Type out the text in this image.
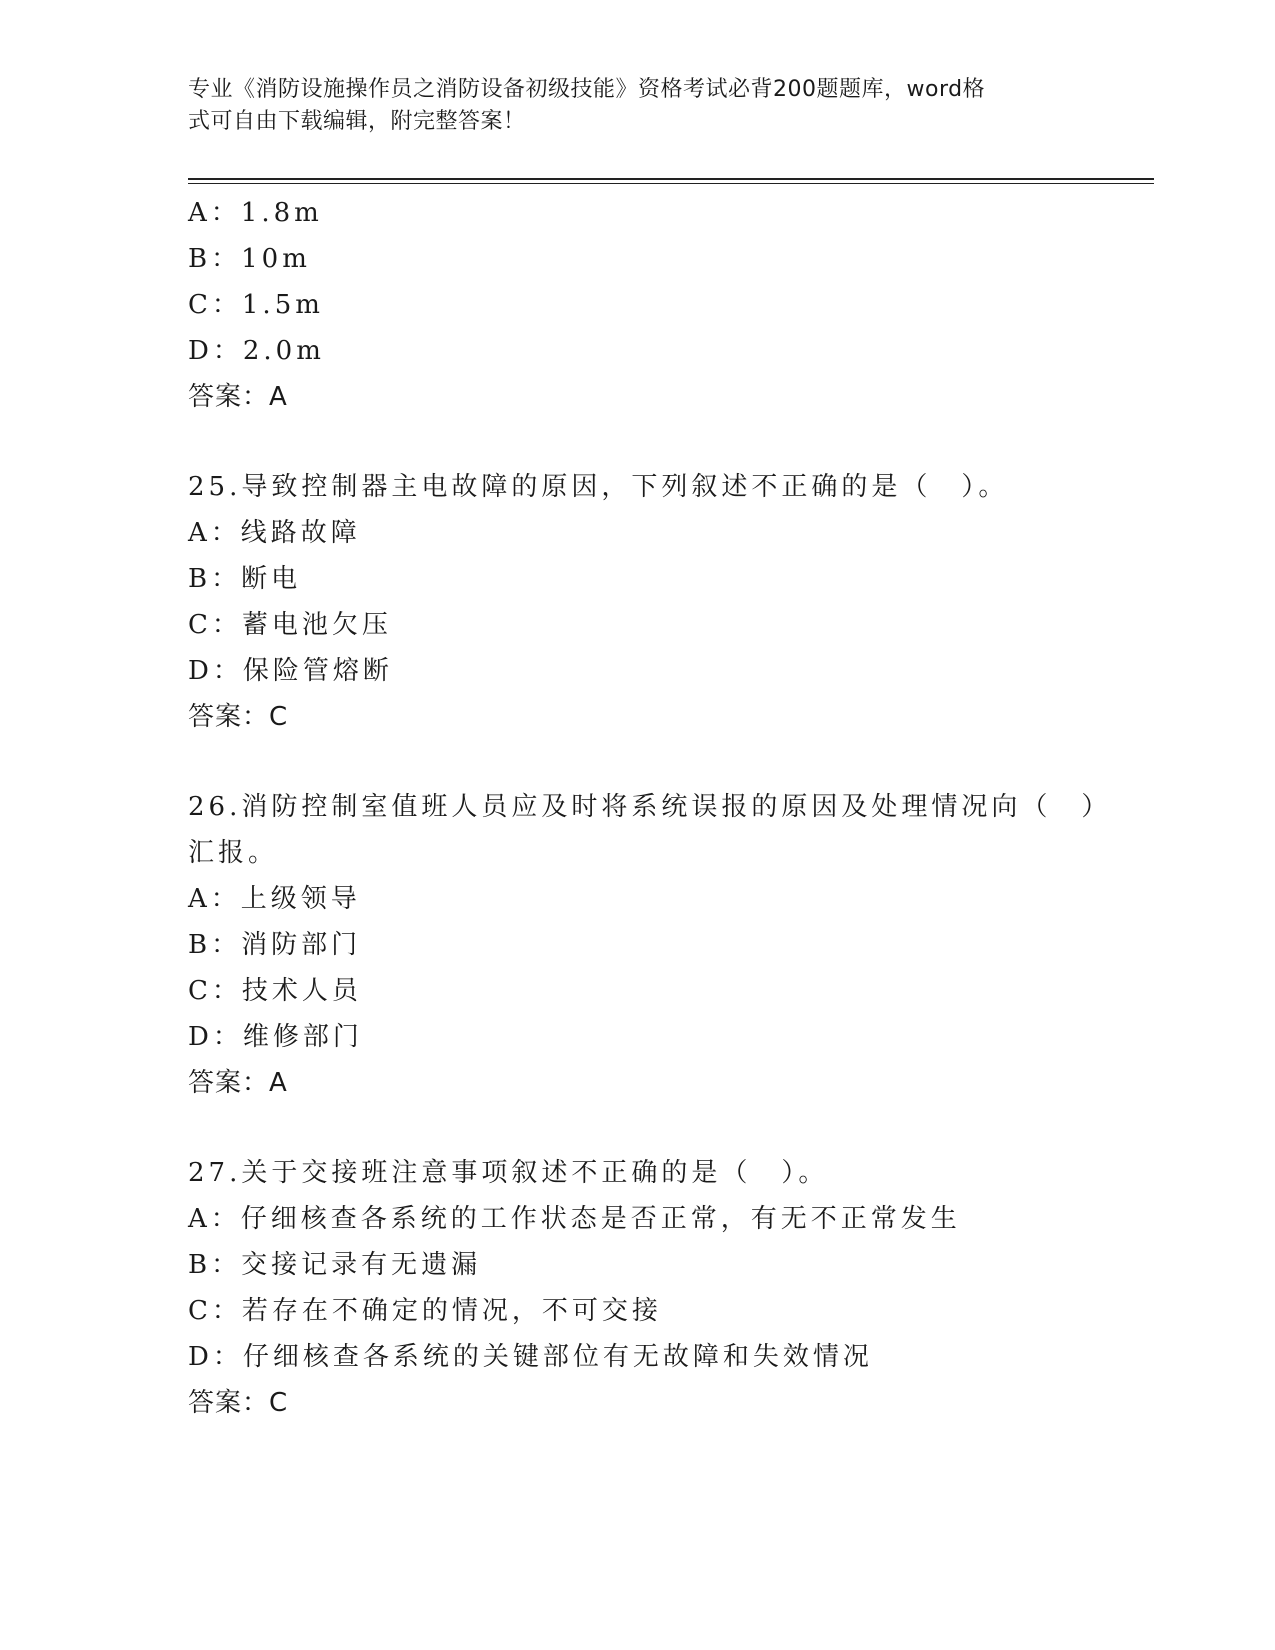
专业《消防设施操作员之消防设备初级技能》资格考试必背200题题库，word格
式可自由下载编辑，附完整答案！
A：1.8m
B：10m
C：1.5m
D：2.0m
答案：A
25.导致控制器主电故障的原因，下列叙述不正确的是（　）。
A：线路故障
B：断电
C：蓄电池欠压
D：保险管熔断
答案：C
26.消防控制室值班人员应及时将系统误报的原因及处理情况向（　）
汇报。
A：上级领导
B：消防部门
C：技术人员
D：维修部门
答案：A
27.关于交接班注意事项叙述不正确的是（　）。
A：仔细核查各系统的工作状态是否正常，有无不正常发生
B：交接记录有无遗漏
C：若存在不确定的情况，不可交接
D：仔细核查各系统的关键部位有无故障和失效情况
答案：C
